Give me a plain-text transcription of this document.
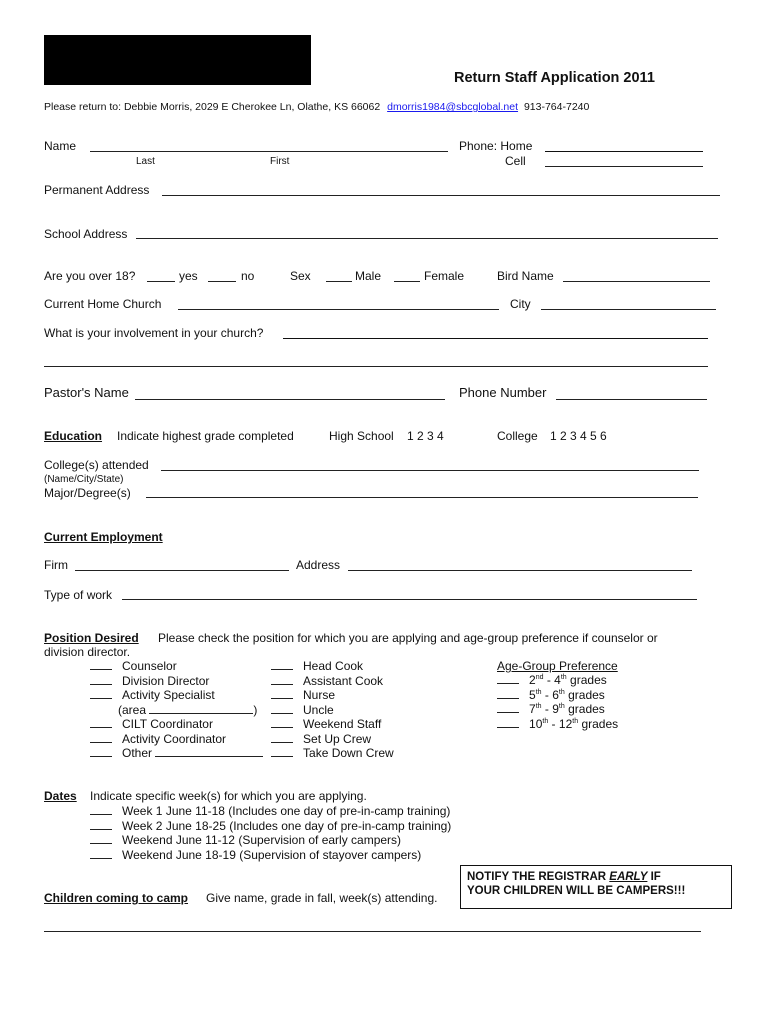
Return Staff Application 2011
Please return to: Debbie Morris, 2029 E Cherokee Ln, Olathe, KS 66062 dmorris1984@sbcglobal.net 913-764-7240
Name
Last	First
Phone: Home
Cell
Permanent Address
School Address
Are you over 18?	yes	no	Sex	Male	Female	Bird Name
Current Home Church	City
What is your involvement in your church?
Pastor's Name	Phone Number
Education Indicate highest grade completed	High School 1 2 3 4	College 1 2 3 4 5 6
College(s) attended
(Name/City/State)
Major/Degree(s)
Current Employment
Firm	Address
Type of work
Position Desired Please check the position for which you are applying and age-group preference if counselor or
division director.
Counselor
Division Director
Activity Specialist
(area	)
CILT Coordinator
Activity Coordinator
Other
Head Cook
Assistant Cook
Nurse
Uncle
Weekend Staff
Set Up Crew
Take Down Crew
Age-Group Preference
2nd - 4th grades
5th - 6th grades
7th - 9th grades
10th - 12th grades
Dates Indicate specific week(s) for which you are applying.
Week 1 June 11-18 (Includes one day of pre-in-camp training)
Week 2 June 18-25 (Includes one day of pre-in-camp training)
Weekend June 11-12 (Supervision of early campers)
Weekend June 18-19 (Supervision of stayover campers)
NOTIFY THE REGISTRAR EARLY IF
YOUR CHILDREN WILL BE CAMPERS!!!
Children coming to camp Give name, grade in fall, week(s) attending.
